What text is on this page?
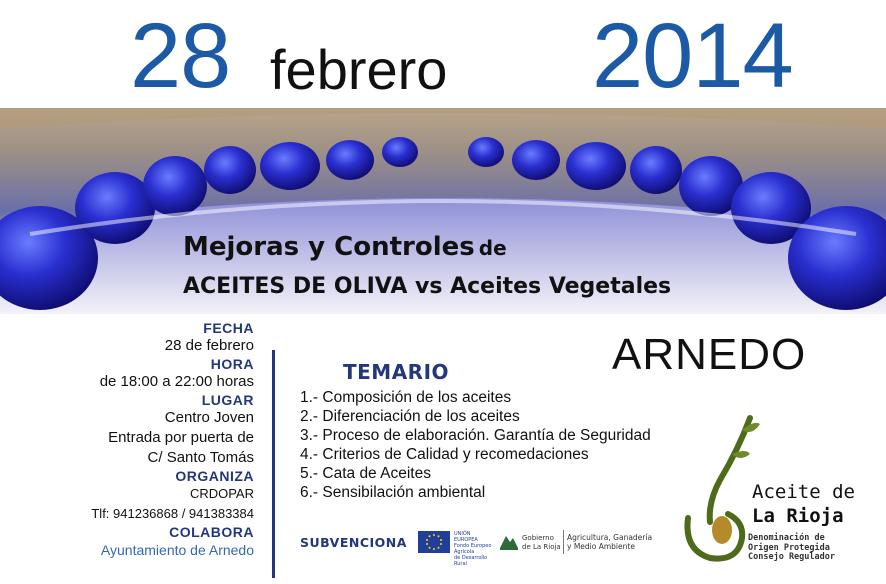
28 febrero 2014
Mejoras y Controles de
ACEITES DE OLIVA vs Aceites Vegetales
FECHA
28 de febrero
HORA
de 18:00 a 22:00 horas
LUGAR
Centro Joven
Entrada por puerta de
C/ Santo Tomás
ORGANIZA
CRDOPAR
Tlf: 941236868 / 941383384
COLABORA
Ayuntamiento de Arnedo
TEMARIO
1.- Composición de los aceites
2.- Diferenciación de los aceites
3.- Proceso de elaboración. Garantía de Seguridad
4.- Criterios de Calidad y recomedaciones
5.- Cata de Aceites
6.- Sensibilación ambiental
ARNEDO
SUBVENCIONA
UNIÓN EUROPEA
Fondo Europeo Agrícola
de Desarrollo Rural
Gobierno
de La Rioja
Agricultura, Ganadería
y Medio Ambiente
Aceite de
La Rioja
Denominación de
Origen Protegida
Consejo Regulador
